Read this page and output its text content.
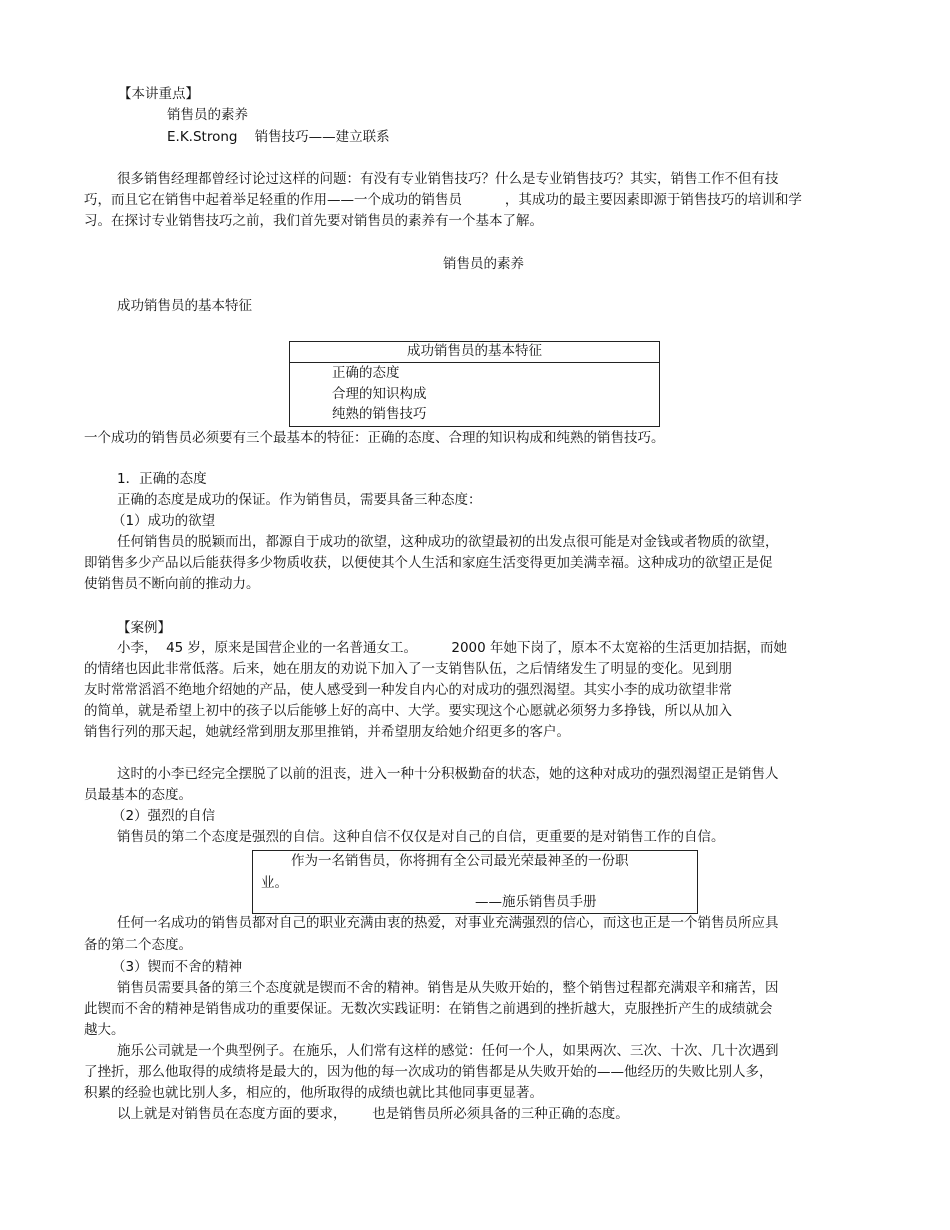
【本讲重点】
销售员的素养
E.K.Strong    销售技巧——建立联系
很多销售经理都曾经讨论过这样的问题：有没有专业销售技巧？什么是专业销售技巧？其实，销售工作不但有技
巧，而且它在销售中起着举足轻重的作用——一个成功的销售员          ，其成功的最主要因素即源于销售技巧的培训和学
习。在探讨专业销售技巧之前，我们首先要对销售员的素养有一个基本了解。
销售员的素养
成功销售员的基本特征
成功销售员的基本特征
正确的态度
合理的知识构成
纯熟的销售技巧
一个成功的销售员必须要有三个最基本的特征：正确的态度、合理的知识构成和纯熟的销售技巧。
1．正确的态度
正确的态度是成功的保证。作为销售员，需要具备三种态度：
（1）成功的欲望
任何销售员的脱颖而出，都源自于成功的欲望，这种成功的欲望最初的出发点很可能是对金钱或者物质的欲望，
即销售多少产品以后能获得多少物质收获，以便使其个人生活和家庭生活变得更加美满幸福。这种成功的欲望正是促
使销售员不断向前的推动力。
【案例】
小李，  45 岁，原来是国营企业的一名普通女工。        2000 年她下岗了，原本不太宽裕的生活更加拮据，而她
的情绪也因此非常低落。后来，她在朋友的劝说下加入了一支销售队伍，之后情绪发生了明显的变化。见到朋
友时常常滔滔不绝地介绍她的产品，使人感受到一种发自内心的对成功的强烈渴望。其实小李的成功欲望非常
的简单，就是希望上初中的孩子以后能够上好的高中、大学。要实现这个心愿就必须努力多挣钱，所以从加入
销售行列的那天起，她就经常到朋友那里推销，并希望朋友给她介绍更多的客户。
这时的小李已经完全摆脱了以前的沮丧，进入一种十分积极勤奋的状态，她的这种对成功的强烈渴望正是销售人
员最基本的态度。
（2）强烈的自信
销售员的第二个态度是强烈的自信。这种自信不仅仅是对自己的自信，更重要的是对销售工作的自信。
作为一名销售员，你将拥有全公司最光荣最神圣的一份职
业。
——施乐销售员手册
任何一名成功的销售员都对自己的职业充满由衷的热爱，对事业充满强烈的信心，而这也正是一个销售员所应具
备的第二个态度。
（3）锲而不舍的精神
销售员需要具备的第三个态度就是锲而不舍的精神。销售是从失败开始的，整个销售过程都充满艰辛和痛苦，因
此锲而不舍的精神是销售成功的重要保证。无数次实践证明：在销售之前遇到的挫折越大，克服挫折产生的成绩就会
越大。
施乐公司就是一个典型例子。在施乐，人们常有这样的感觉：任何一个人，如果两次、三次、十次、几十次遇到
了挫折，那么他取得的成绩将是最大的，因为他的每一次成功的销售都是从失败开始的——他经历的失败比别人多，
积累的经验也就比别人多，相应的，他所取得的成绩也就比其他同事更显著。
以上就是对销售员在态度方面的要求，      也是销售员所必须具备的三种正确的态度。
